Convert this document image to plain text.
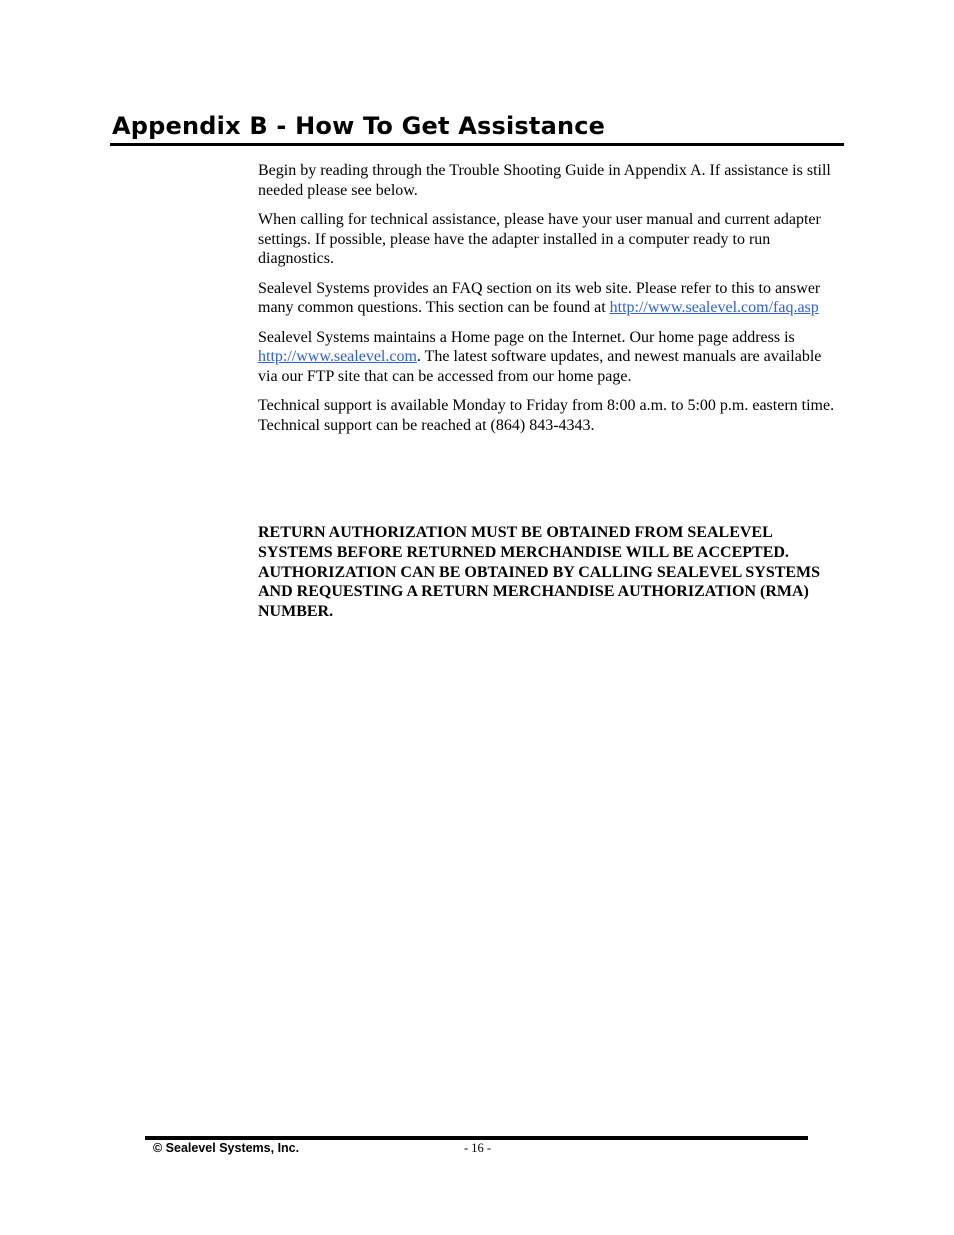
Appendix B - How To Get Assistance

Begin by reading through the Trouble Shooting Guide in Appendix A. If assistance is still needed please see below.

When calling for technical assistance, please have your user manual and current adapter settings. If possible, please have the adapter installed in a computer ready to run diagnostics.

Sealevel Systems provides an FAQ section on its web site. Please refer to this to answer many common questions. This section can be found at http://www.sealevel.com/faq.asp

Sealevel Systems maintains a Home page on the Internet. Our home page address is http://www.sealevel.com. The latest software updates, and newest manuals are available via our FTP site that can be accessed from our home page.

Technical support is available Monday to Friday from 8:00 a.m. to 5:00 p.m. eastern time. Technical support can be reached at (864) 843-4343.

RETURN AUTHORIZATION MUST BE OBTAINED FROM SEALEVEL SYSTEMS BEFORE RETURNED MERCHANDISE WILL BE ACCEPTED. AUTHORIZATION CAN BE OBTAINED BY CALLING SEALEVEL SYSTEMS AND REQUESTING A RETURN MERCHANDISE AUTHORIZATION (RMA) NUMBER.

© Sealevel Systems, Inc.	- 16 -
